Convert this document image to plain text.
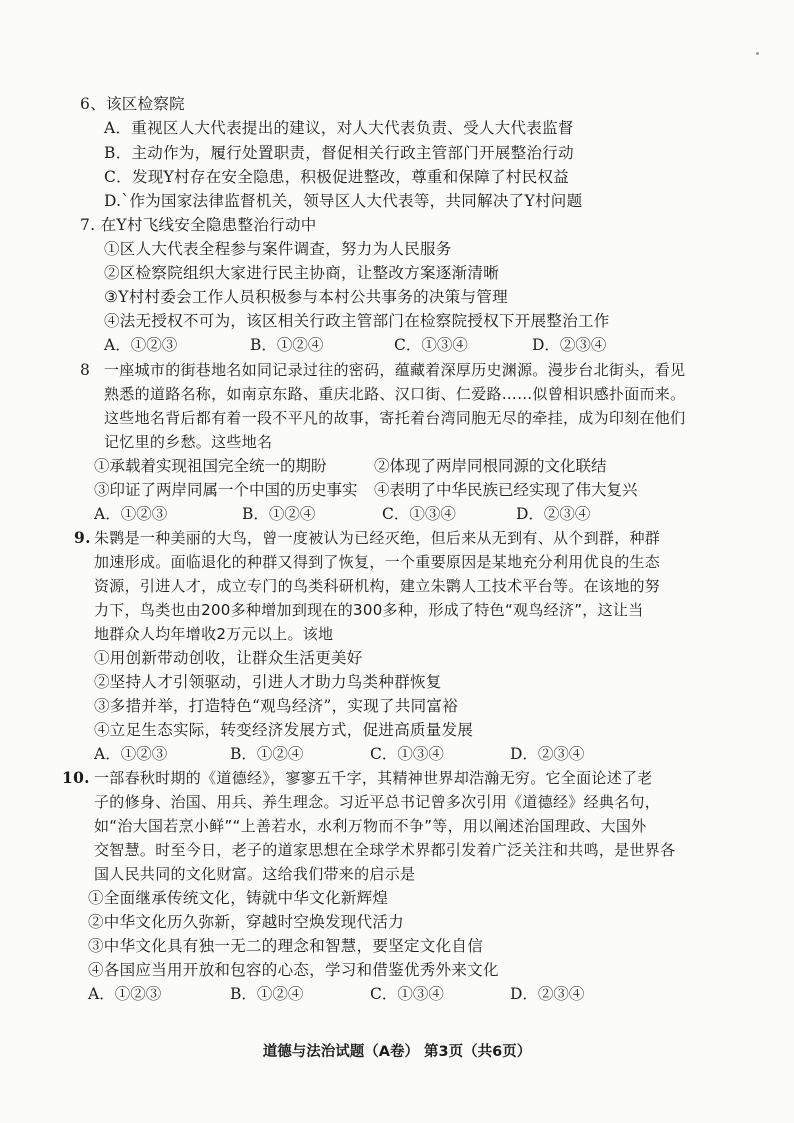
6、该区检察院
A．重视区人大代表提出的建议，对人大代表负责、受人大代表监督
B．主动作为，履行处置职责，督促相关行政主管部门开展整治行动
C．发现Y村存在安全隐患，积极促进整改，尊重和保障了村民权益
D.`作为国家法律监督机关，领导区人大代表等，共同解决了Y村问题
7. 在Y村飞线安全隐患整治行动中
①区人大代表全程参与案件调查，努力为人民服务
②区检察院组织大家进行民主协商，让整改方案逐渐清晰
③Y村村委会工作人员积极参与本村公共事务的决策与管理
④法无授权不可为，该区相关行政主管部门在检察院授权下开展整治工作
A．①②③	B．①②④	C．①③④	D．②③④
8 一座城市的街巷地名如同记录过往的密码，蕴藏着深厚历史渊源。漫步台北街头，看见
熟悉的道路名称，如南京东路、重庆北路、汉口街、仁爱路……似曾相识感扑面而来。
这些地名背后都有着一段不平凡的故事，寄托着台湾同胞无尽的牵挂，成为印刻在他们
记忆里的乡愁。这些地名
①承载着实现祖国完全统一的期盼	②体现了两岸同根同源的文化联结
③印证了两岸同属一个中国的历史事实 ④表明了中华民族已经实现了伟大复兴
A．①②③	B．①②④	C．①③④	D．②③④
9. 朱鹮是一种美丽的大鸟，曾一度被认为已经灭绝，但后来从无到有、从个到群，种群
加速形成。面临退化的种群又得到了恢复，一个重要原因是某地充分利用优良的生态
资源，引进人才，成立专门的鸟类科研机构，建立朱鹮人工技术平台等。在该地的努
力下，鸟类也由200多种增加到现在的300多种，形成了特色“观鸟经济”，这让当
地群众人均年增收2万元以上。该地
①用创新带动创收，让群众生活更美好
②坚持人才引领驱动，引进人才助力鸟类种群恢复
③多措并举，打造特色“观鸟经济”，实现了共同富裕
④立足生态实际，转变经济发展方式，促进高质量发展
A．①②③	B．①②④	C．①③④	D．②③④
10. 一部春秋时期的《道德经》，寥寥五千字，其精神世界却浩瀚无穷。它全面论述了老
子的修身、治国、用兵、养生理念。习近平总书记曾多次引用《道德经》经典名句，
如“治大国若烹小鲜”“上善若水，水利万物而不争”等，用以阐述治国理政、大国外
交智慧。时至今日，老子的道家思想在全球学术界都引发着广泛关注和共鸣，是世界各
国人民共同的文化财富。这给我们带来的启示是
①全面继承传统文化，铸就中华文化新辉煌
②中华文化历久弥新，穿越时空焕发现代活力
③中华文化具有独一无二的理念和智慧，要坚定文化自信
④各国应当用开放和包容的心态，学习和借鉴优秀外来文化
A．①②③	B．①②④	C．①③④	D．②③④
道德与法治试题（A卷） 第3页（共6页）
